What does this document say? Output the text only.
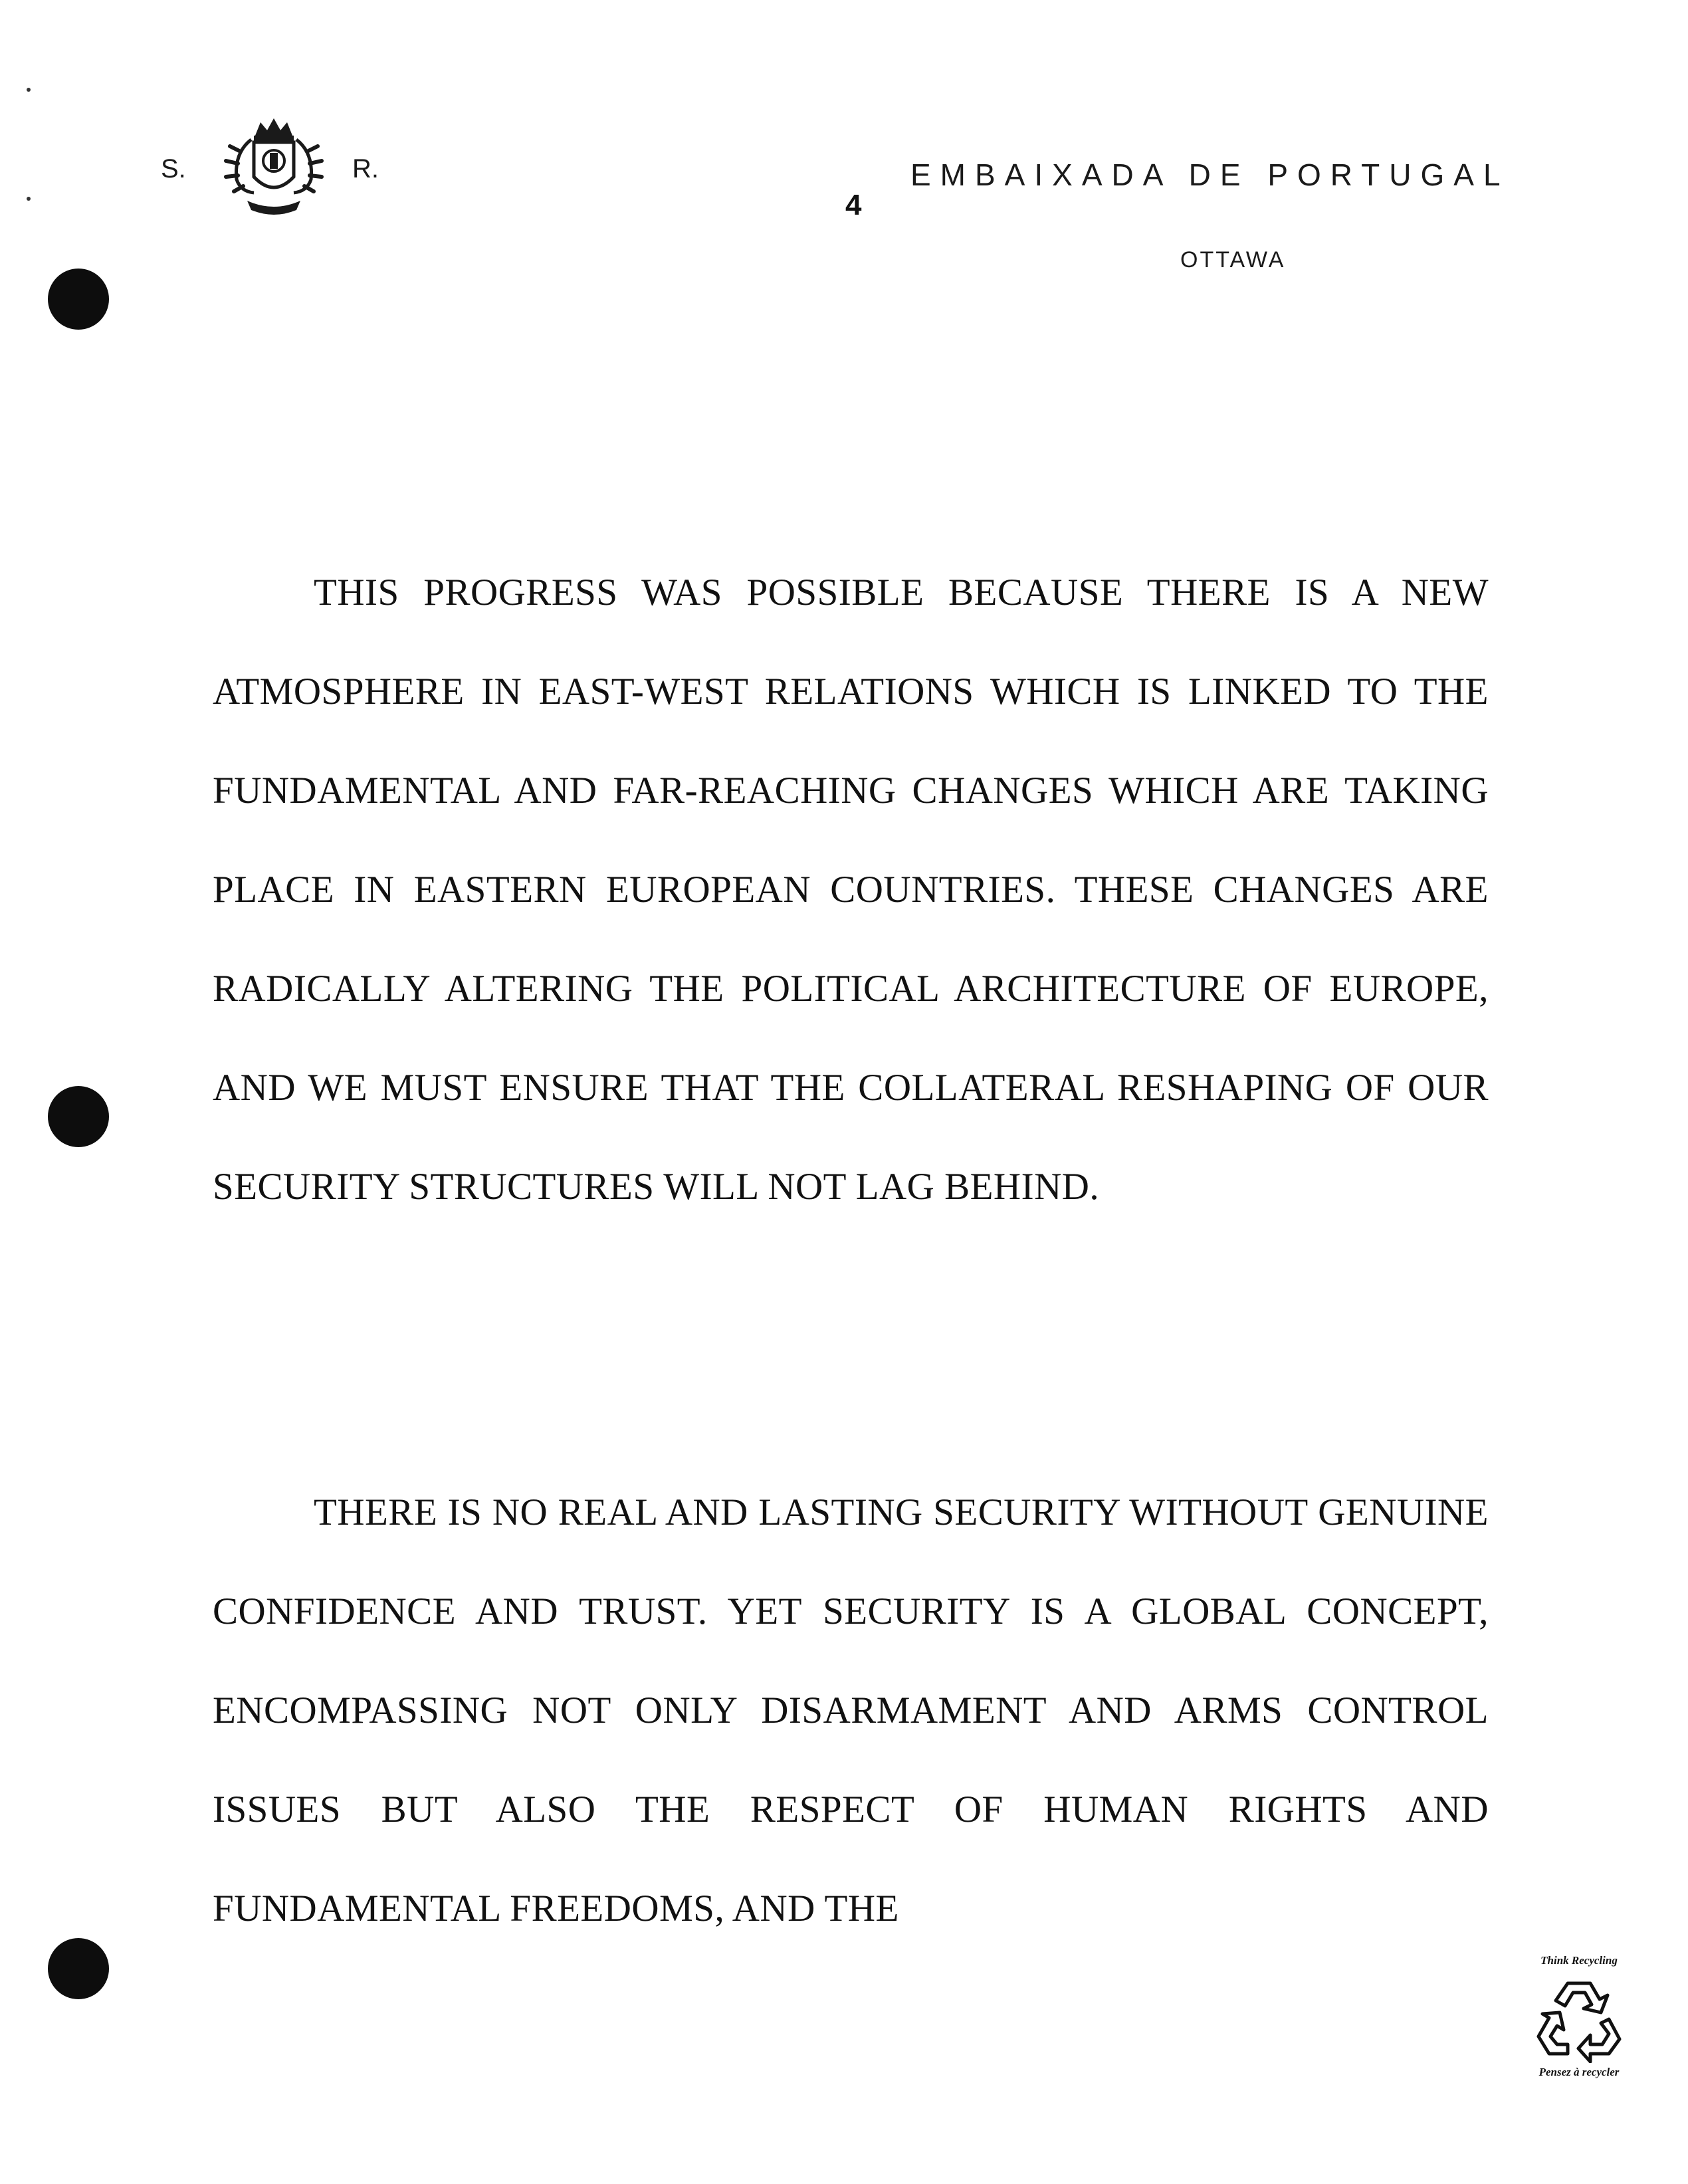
S.	R.	EMBAIXADA DE PORTUGAL
4
OTTAWA

THIS PROGRESS WAS POSSIBLE BECAUSE THERE IS A NEW ATMOSPHERE IN EAST-WEST RELATIONS WHICH IS LINKED TO THE FUNDAMENTAL AND FAR-REACHING CHANGES WHICH ARE TAKING PLACE IN EASTERN EUROPEAN COUNTRIES. THESE CHANGES ARE RADICALLY ALTERING THE POLITICAL ARCHITECTURE OF EUROPE, AND WE MUST ENSURE THAT THE COLLATERAL RESHAPING OF OUR SECURITY STRUCTURES WILL NOT LAG BEHIND.

THERE IS NO REAL AND LASTING SECURITY WITHOUT GENUINE CONFIDENCE AND TRUST. YET SECURITY IS A GLOBAL CONCEPT, ENCOMPASSING NOT ONLY DISARMAMENT AND ARMS CONTROL ISSUES BUT ALSO THE RESPECT OF HUMAN RIGHTS AND FUNDAMENTAL FREEDOMS, AND THE

Think Recycling
Pensez à recycler
